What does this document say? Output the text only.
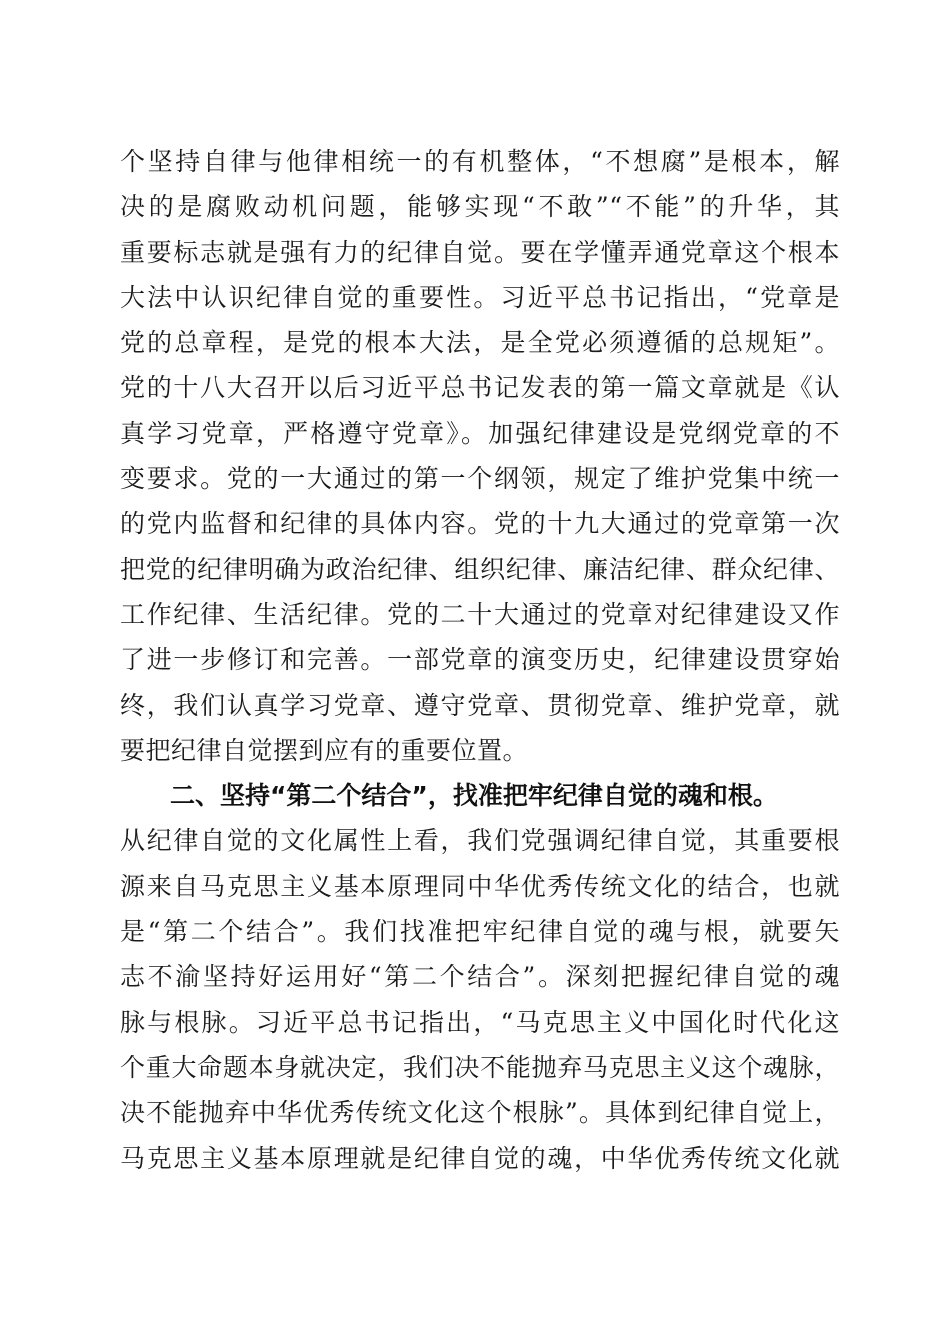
个坚持自律与他律相统一的有机整体，“不想腐”是根本，解
决的是腐败动机问题，能够实现“不敢”“不能”的升华，其
重要标志就是强有力的纪律自觉。要在学懂弄通党章这个根本
大法中认识纪律自觉的重要性。习近平总书记指出，“党章是
党的总章程，是党的根本大法，是全党必须遵循的总规矩”。
党的十八大召开以后习近平总书记发表的第一篇文章就是《认
真学习党章，严格遵守党章》。加强纪律建设是党纲党章的不
变要求。党的一大通过的第一个纲领，规定了维护党集中统一
的党内监督和纪律的具体内容。党的十九大通过的党章第一次
把党的纪律明确为政治纪律、组织纪律、廉洁纪律、群众纪律、
工作纪律、生活纪律。党的二十大通过的党章对纪律建设又作
了进一步修订和完善。一部党章的演变历史，纪律建设贯穿始
终，我们认真学习党章、遵守党章、贯彻党章、维护党章，就
要把纪律自觉摆到应有的重要位置。
二、坚持“第二个结合”，找准把牢纪律自觉的魂和根。
从纪律自觉的文化属性上看，我们党强调纪律自觉，其重要根
源来自马克思主义基本原理同中华优秀传统文化的结合，也就
是“第二个结合”。我们找准把牢纪律自觉的魂与根，就要矢
志不渝坚持好运用好“第二个结合”。深刻把握纪律自觉的魂
脉与根脉。习近平总书记指出，“马克思主义中国化时代化这
个重大命题本身就决定，我们决不能抛弃马克思主义这个魂脉，
决不能抛弃中华优秀传统文化这个根脉”。具体到纪律自觉上，
马克思主义基本原理就是纪律自觉的魂，中华优秀传统文化就
